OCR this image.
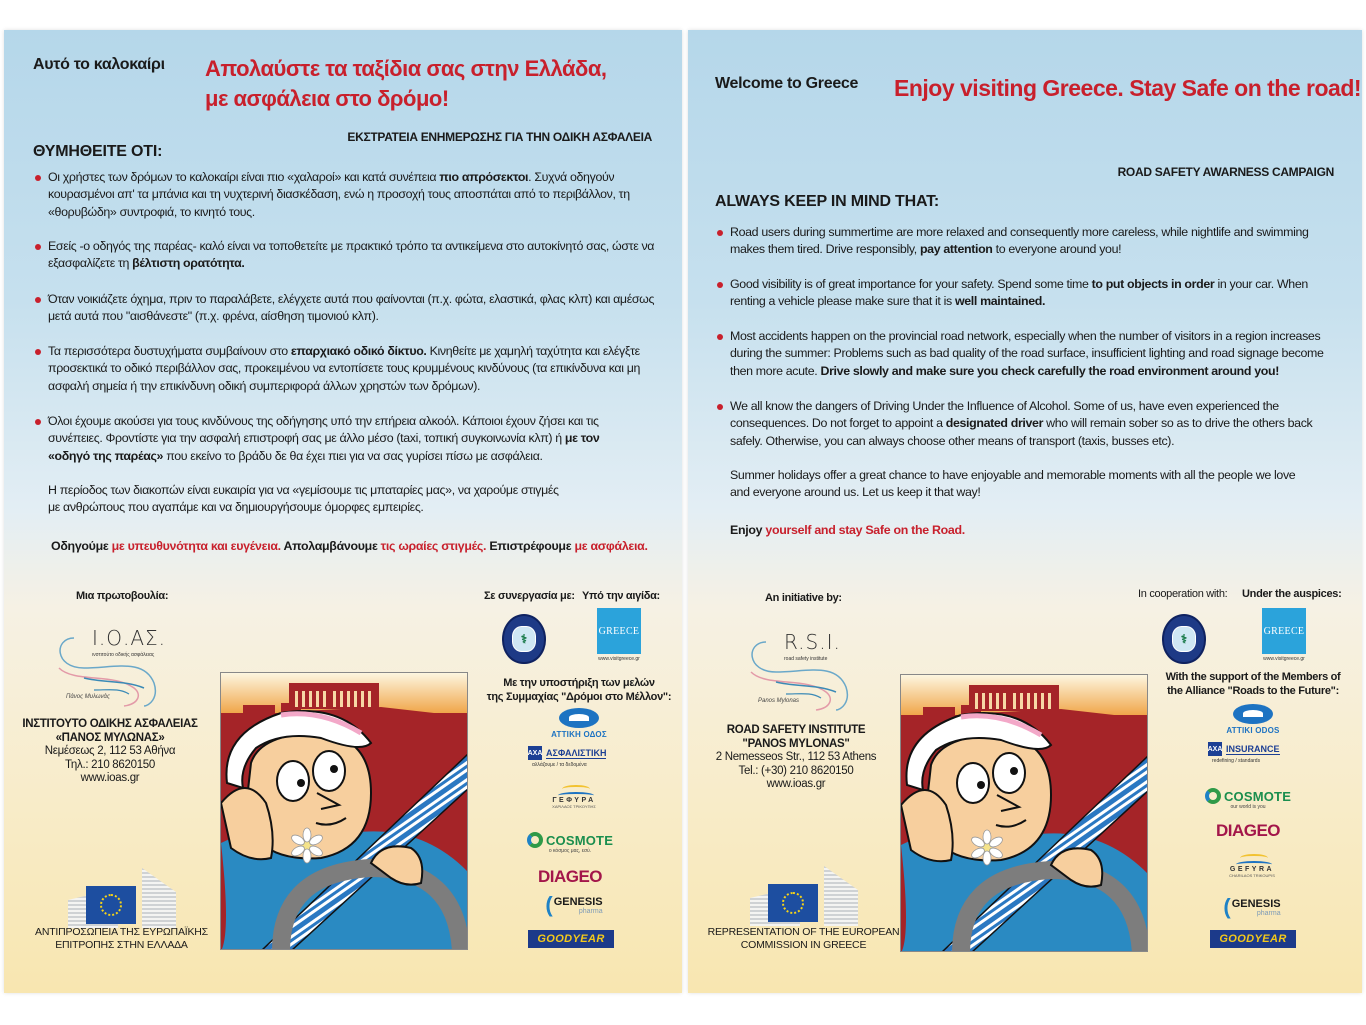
Αυτό το καλοκαίρι Απολαύστε τα ταξίδια σας στην Ελλάδα,
με ασφάλεια στο δρόμο!
ΕΚΣΤΡΑΤΕΙΑ ΕΝΗΜΕΡΩΣΗΣ ΓΙΑ ΤΗΝ ΟΔΙΚΗ ΑΣΦΑΛΕΙΑ
ΘΥΜΗΘΕΙΤΕ ΟΤΙ:
Οι χρήστες των δρόμων το καλοκαίρι είναι πιο «χαλαροί» και κατά συνέπεια πιο απρόσεκτοι. Συχνά οδηγούν κουρασμένοι απ' τα μπάνια και τη νυχτερινή διασκέδαση, ενώ η προσοχή τους αποσπάται από το περιβάλλον, τη «θορυβώδη» συντροφιά, το κινητό τους.
Εσείς -ο οδηγός της παρέας- καλό είναι να τοποθετείτε με πρακτικό τρόπο τα αντικείμενα στο αυτοκίνητό σας, ώστε να εξασφαλίζετε τη βέλτιστη ορατότητα.
Όταν νοικιάζετε όχημα, πριν το παραλάβετε, ελέγχετε αυτά που φαίνονται (π.χ. φώτα, ελαστικά, φλας κλπ) και αμέσως μετά αυτά που "αισθάνεστε" (π.χ. φρένα, αίσθηση τιμονιού κλπ).
Τα περισσότερα δυστυχήματα συμβαίνουν στο επαρχιακό οδικό δίκτυο. Κινηθείτε με χαμηλή ταχύτητα και ελέγξτε προσεκτικά το οδικό περιβάλλον σας, προκειμένου να εντοπίσετε τους κρυμμένους κινδύνους (τα επικίνδυνα και μη ασφαλή σημεία ή την επικίνδυνη οδική συμπεριφορά άλλων χρηστών των δρόμων).
Όλοι έχουμε ακούσει για τους κινδύνους της οδήγησης υπό την επήρεια αλκοόλ. Κάποιοι έχουν ζήσει και τις συνέπειες. Φροντίστε για την ασφαλή επιστροφή σας με άλλο μέσο (taxi, τοπική συγκοινωνία κλπ) ή με τον «οδηγό της παρέας» που εκείνο το βράδυ δε θα έχει πιει για να σας γυρίσει πίσω με ασφάλεια.
Η περίοδος των διακοπών είναι ευκαιρία για να «γεμίσουμε τις μπαταρίες μας», να χαρούμε στιγμές
με ανθρώπους που αγαπάμε και να δημιουργήσουμε όμορφες εμπειρίες.
Οδηγούμε με υπευθυνότητα και ευγένεια. Απολαμβάνουμε τις ωραίες στιγμές. Επιστρέφουμε με ασφάλεια.
Μια πρωτοβουλία:
Ι.Ο.ΑΣ.
ινστιτούτο οδικής ασφάλειας
Πάνος Μυλωνάς
ΙΝΣΤΙΤΟΥΤΟ ΟΔΙΚΗΣ ΑΣΦΑΛΕΙΑΣ
«ΠΑΝΟΣ ΜΥΛΩΝΑΣ»
Νεμέσεως 2, 112 53 Αθήνα
Τηλ.: 210 8620150
www.ioas.gr
ΑΝΤΙΠΡΟΣΩΠΕΙΑ ΤΗΣ ΕΥΡΩΠΑΪΚΗΣ
ΕΠΙΤΡΟΠΗΣ ΣΤΗΝ ΕΛΛΑΔΑ
Σε συνεργασία με: Υπό την αιγίδα:
⚕
GREECE
www.visitgreece.gr
Με την υποστήριξη των μελών
της Συμμαχίας "Δρόμοι στο Μέλλον":
ΑΤΤΙΚΗ ΟΔΟΣ
AXA ΑΣΦΑΛΙΣΤΙΚΗ
αλλάζουμε / τα δεδομένα
ΓΕΦΥΡΑ
ΧΑΡΙΛΑΟΣ ΤΡΙΚΟΥΠΗΣ
COSMOTE
ο κόσμος μας, εσύ.
DIAGEO
( GENESIS
pharma
GOODYEAR
Welcome to Greece Enjoy visiting Greece. Stay Safe on the road!
ROAD SAFETY AWARNESS CAMPAIGN
ALWAYS KEEP IN MIND THAT:
Road users during summertime are more relaxed and consequently more careless, while nightlife and swimming makes them tired. Drive responsibly, pay attention to everyone around you!
Good visibility is of great importance for your safety. Spend some time to put objects in order in your car. When renting a vehicle please make sure that it is well maintained.
Most accidents happen on the provincial road network, especially when the number of visitors in a region increases during the summer: Problems such as bad quality of the road surface, insufficient lighting and road signage become then more acute. Drive slowly and make sure you check carefully the road environment around you!
We all know the dangers of Driving Under the Influence of Alcohol. Some of us, have even experienced the consequences. Do not forget to appoint a designated driver who will remain sober so as to drive the others back safely. Otherwise, you can always choose other means of transport (taxis, busses etc).
Summer holidays offer a great chance to have enjoyable and memorable moments with all the people we love
and everyone around us. Let us keep it that way!
Enjoy yourself and stay Safe on the Road.
An initiative by:
R.S.I.
road safety institute
Panos Mylonas
ROAD SAFETY INSTITUTE
"PANOS MYLONAS"
2 Nemesseos Str., 112 53 Athens
Tel.: (+30) 210 8620150
www.ioas.gr
REPRESENTATION OF THE EUROPEAN
COMMISSION IN GREECE
In cooperation with: Under the auspices:
⚕
GREECE
www.visitgreece.gr
With the support of the Members of
the Alliance "Roads to the Future":
ATTIKI ODOS
AXA INSURANCE
redefining / standards
COSMOTE
our world is you
DIAGEO
GEFYRA
CHARILAOS TRIKOUPIS
( GENESIS
pharma
GOODYEAR
